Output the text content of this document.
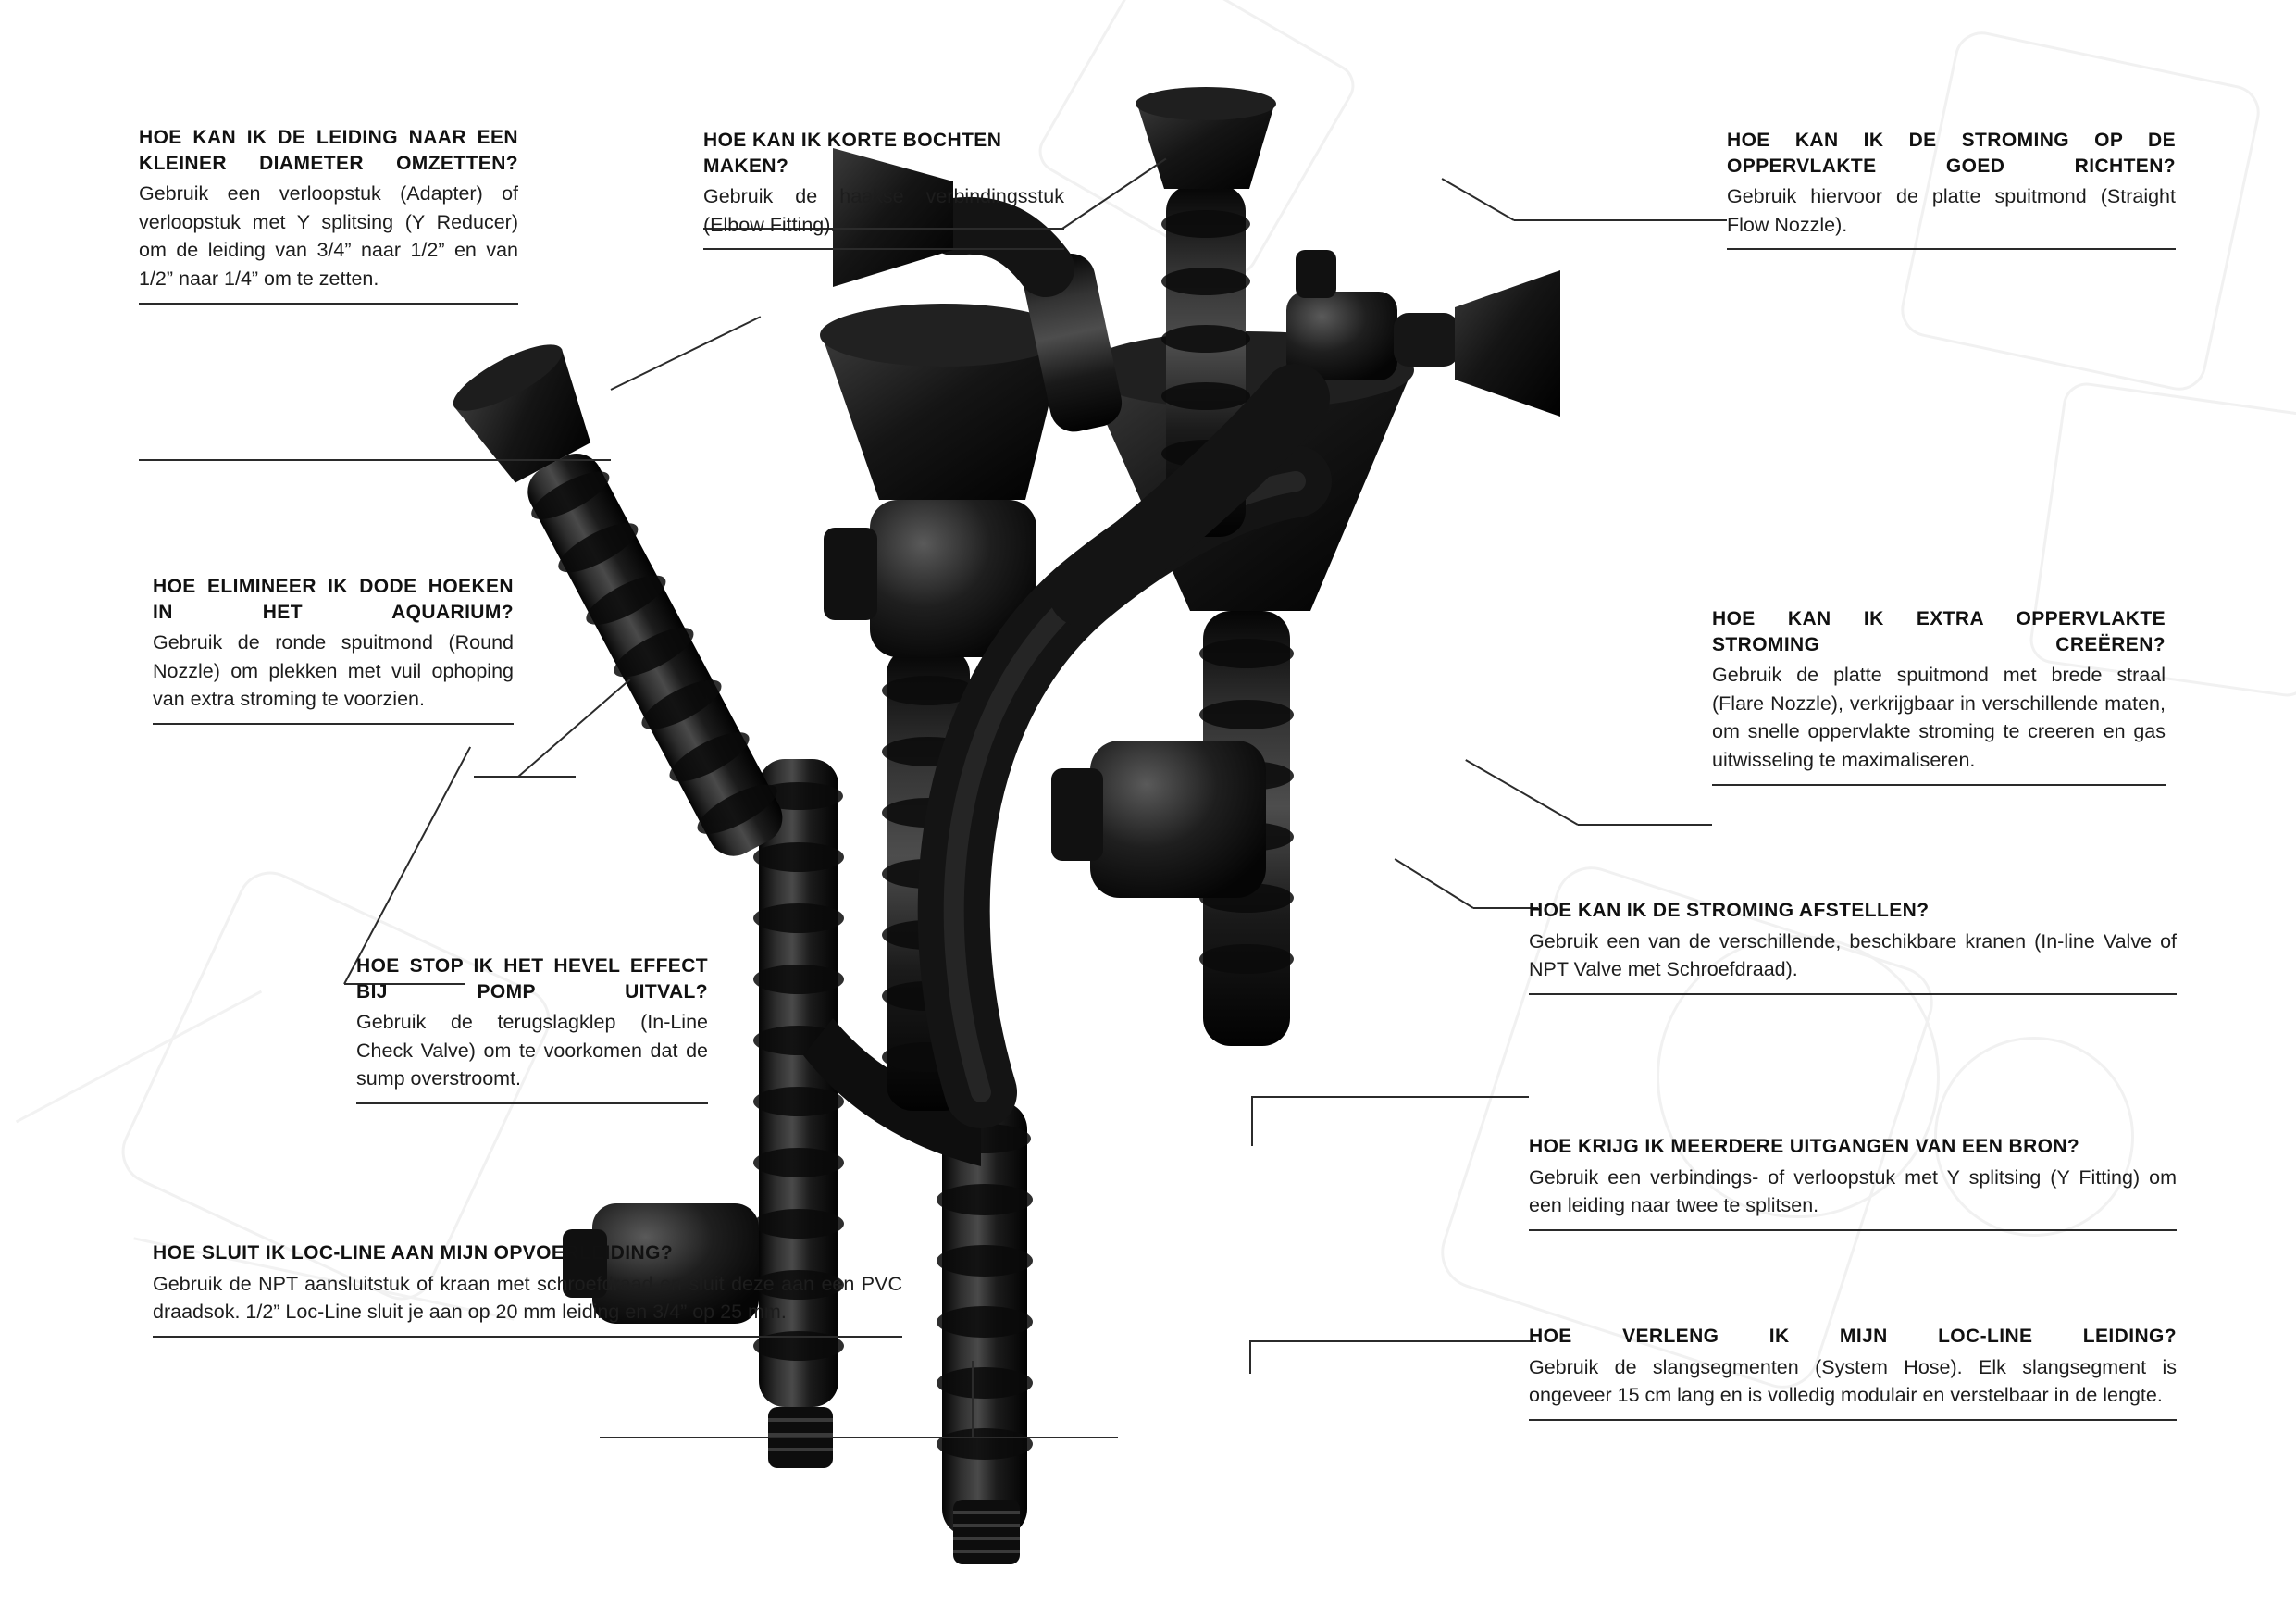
HOE KAN IK DE LEIDING NAAR EEN KLEINER DIAMETER OMZETTEN?

Gebruik een verloopstuk (Adapter) of verloopstuk met Y splitsing (Y Reducer) om de leiding van 3/4” naar 1/2” en van 1/2” naar 1/4” om te zetten.

HOE KAN IK KORTE BOCHTEN MAKEN?

Gebruik de haakse verbindingsstuk (Elbow Fitting).

HOE KAN IK DE STROMING OP DE OPPERVLAKTE GOED RICHTEN?

Gebruik hiervoor de platte spuitmond (Straight Flow Nozzle).

HOE ELIMINEER IK DODE HOEKEN IN HET AQUARIUM?

Gebruik de ronde spuitmond (Round Nozzle) om plekken met vuil ophoping van extra stroming te voorzien.

HOE KAN IK EXTRA OPPERVLAKTE STROMING CREËREN?

Gebruik de platte spuitmond met brede straal (Flare Nozzle), verkrijgbaar in verschillende maten, om snelle oppervlakte stroming te creeren en gas uitwisseling te maximaliseren.

HOE STOP IK HET HEVEL EFFECT BIJ POMP UITVAL?

Gebruik de terugslagklep (In-Line Check Valve) om te voorkomen dat de sump overstroomt.

HOE KAN IK DE STROMING AFSTELLEN?

Gebruik een van de verschillende, beschikbare kranen (In-line Valve of NPT Valve met Schroefdraad).

HOE KRIJG IK MEERDERE UITGANGEN VAN EEN BRON?

Gebruik een verbindings- of verloopstuk met Y splitsing (Y Fitting) om een leiding naar twee te splitsen.

HOE SLUIT IK LOC-LINE AAN MIJN OPVOERLEIDING?

Gebruik de NPT aansluitstuk of kraan met schroefdraad en sluit deze aan een PVC draadsok. 1/2” Loc-Line sluit je aan op 20 mm leiding en 3/4” op 25 mm.

HOE VERLENG IK MIJN LOC-LINE LEIDING?

Gebruik de slangsegmenten (System Hose). Elk slangsegment is ongeveer 15 cm lang en is volledig modulair en verstelbaar in de lengte.
